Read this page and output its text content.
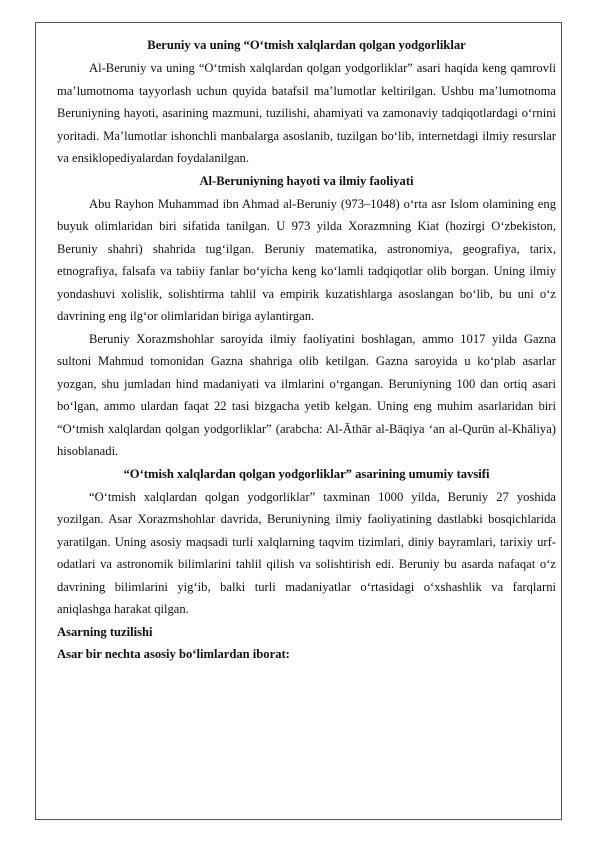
Beruniy va uning “O‘tmish xalqlardan qolgan yodgorliklar

Al-Beruniy va uning “O‘tmish xalqlardan qolgan yodgorliklar” asari haqida keng qamrovli ma’lumotnoma tayyorlash uchun quyida batafsil ma’lumotlar keltirilgan. Ushbu ma’lumotnoma Beruniyning hayoti, asarining mazmuni, tuzilishi, ahamiyati va zamonaviy tadqiqotlardagi o‘rnini yoritadi. Ma’lumotlar ishonchli manbalarga asoslanib, tuzilgan bo‘lib, internetdagi ilmiy resurslar va ensiklopediyalardan foydalanilgan.

Al-Beruniyning hayoti va ilmiy faoliyati

Abu Rayhon Muhammad ibn Ahmad al-Beruniy (973–1048) o‘rta asr Islom olamining eng buyuk olimlaridan biri sifatida tanilgan. U 973 yilda Xorazmning Kiat (hozirgi O‘zbekiston, Beruniy shahri) shahrida tug‘ilgan. Beruniy matematika, astronomiya, geografiya, tarix, etnografiya, falsafa va tabiiy fanlar bo‘yicha keng ko‘lamli tadqiqotlar olib borgan. Uning ilmiy yondashuvi xolislik, solishtirma tahlil va empirik kuzatishlarga asoslangan bo‘lib, bu uni o‘z davrining eng ilg‘or olimlaridan biriga aylantirgan.

Beruniy Xorazmshohlar saroyida ilmiy faoliyatini boshlagan, ammo 1017 yilda Gazna sultoni Mahmud tomonidan Gazna shahriga olib ketilgan. Gazna saroyida u ko‘plab asarlar yozgan, shu jumladan hind madaniyati va ilmlarini o‘rgangan. Beruniyning 100 dan ortiq asari bo‘lgan, ammo ulardan faqat 22 tasi bizgacha yetib kelgan. Uning eng muhim asarlaridan biri “O‘tmish xalqlardan qolgan yodgorliklar” (arabcha: Al-Āthār al-Bāqiya ‘an al-Qurūn al-Khāliya) hisoblanadi.

“O‘tmish xalqlardan qolgan yodgorliklar” asarining umumiy tavsifi

“O‘tmish xalqlardan qolgan yodgorliklar” taxminan 1000 yilda, Beruniy 27 yoshida yozilgan. Asar Xorazmshohlar davrida, Beruniyning ilmiy faoliyatining dastlabki bosqichlarida yaratilgan. Uning asosiy maqsadi turli xalqlarning taqvim tizimlari, diniy bayramlari, tarixiy urf-odatlari va astronomik bilimlarini tahlil qilish va solishtirish edi. Beruniy bu asarda nafaqat o‘z davrining bilimlarini yig‘ib, balki turli madaniyatlar o‘rtasidagi o‘xshashlik va farqlarni aniqlashga harakat qilgan.

Asarning tuzilishi

Asar bir nechta asosiy bo‘limlardan iborat:
